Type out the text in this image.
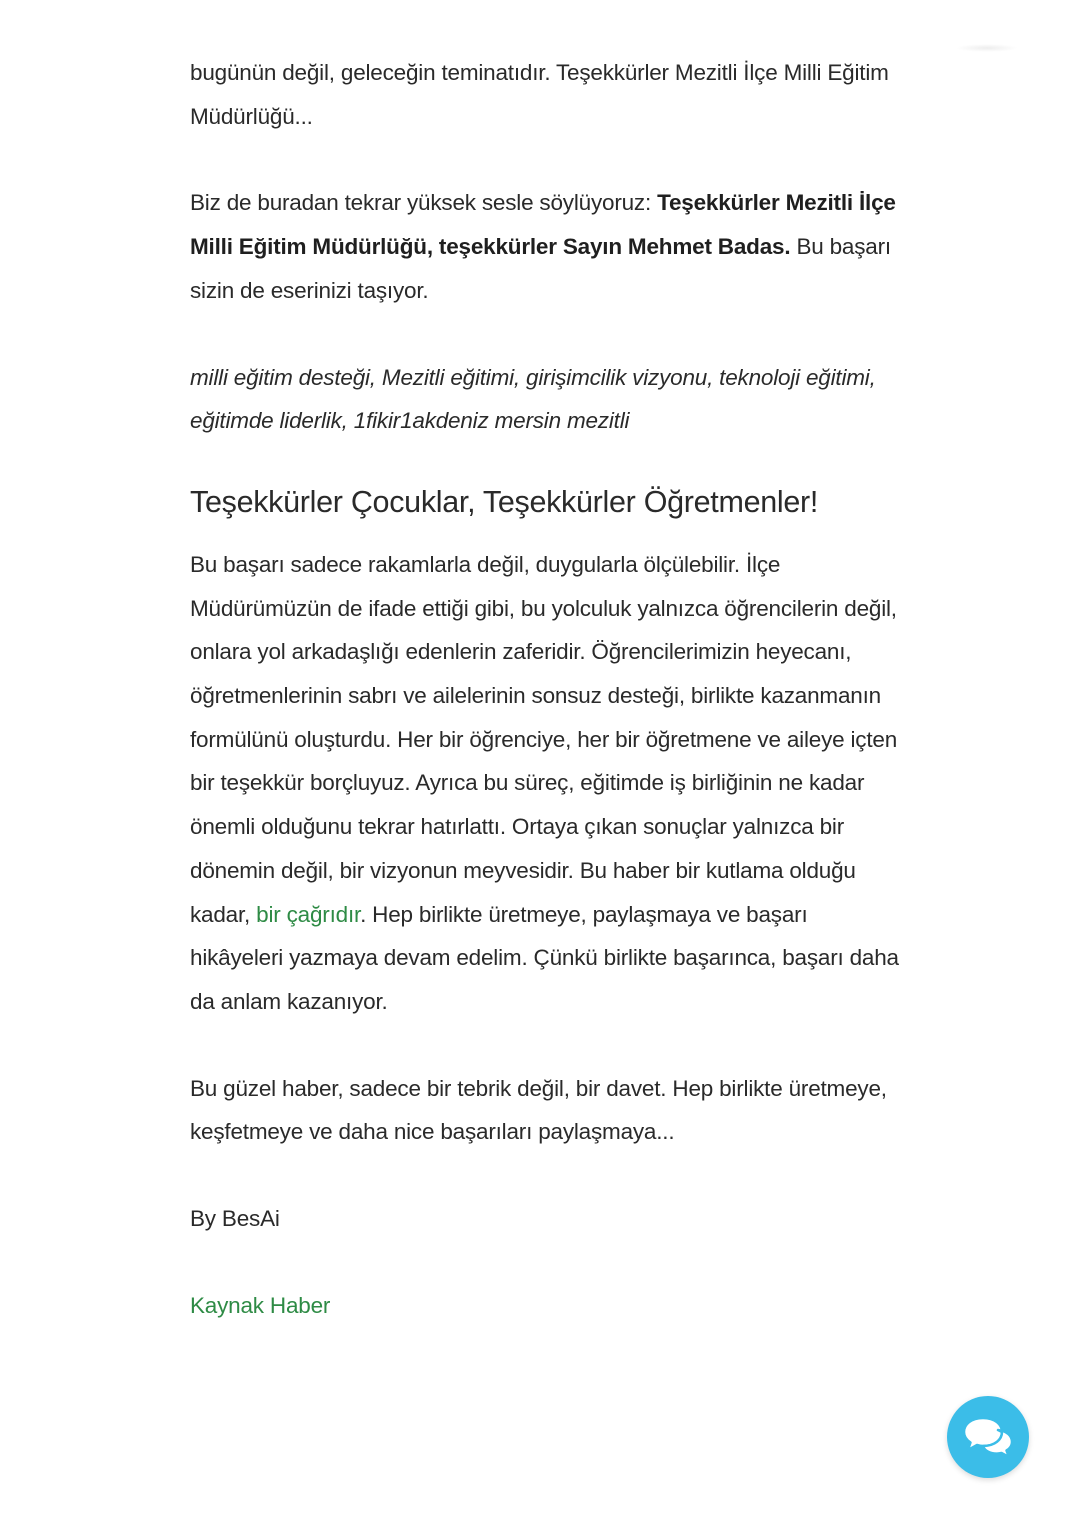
bugünün değil, geleceğin teminatıdır. Teşekkürler Mezitli İlçe Milli Eğitim Müdürlüğü...

Biz de buradan tekrar yüksek sesle söylüyoruz: Teşekkürler Mezitli İlçe Milli Eğitim Müdürlüğü, teşekkürler Sayın Mehmet Badas. Bu başarı sizin de eserinizi taşıyor.

milli eğitim desteği, Mezitli eğitimi, girişimcilik vizyonu, teknoloji eğitimi, eğitimde liderlik, 1fikir1akdeniz mersin mezitli

Teşekkürler Çocuklar, Teşekkürler Öğretmenler!

Bu başarı sadece rakamlarla değil, duygularla ölçülebilir. İlçe Müdürümüzün de ifade ettiği gibi, bu yolculuk yalnızca öğrencilerin değil, onlara yol arkadaşlığı edenlerin zaferidir. Öğrencilerimizin heyecanı, öğretmenlerinin sabrı ve ailelerinin sonsuz desteği, birlikte kazanmanın formülünü oluşturdu. Her bir öğrenciye, her bir öğretmene ve aileye içten bir teşekkür borçluyuz. Ayrıca bu süreç, eğitimde iş birliğinin ne kadar önemli olduğunu tekrar hatırlattı. Ortaya çıkan sonuçlar yalnızca bir dönemin değil, bir vizyonun meyvesidir. Bu haber bir kutlama olduğu kadar, bir çağrıdır. Hep birlikte üretmeye, paylaşmaya ve başarı hikâyeleri yazmaya devam edelim. Çünkü birlikte başarınca, başarı daha da anlam kazanıyor.

Bu güzel haber, sadece bir tebrik değil, bir davet. Hep birlikte üretmeye, keşfetmeye ve daha nice başarıları paylaşmaya...

By BesAi

Kaynak Haber
